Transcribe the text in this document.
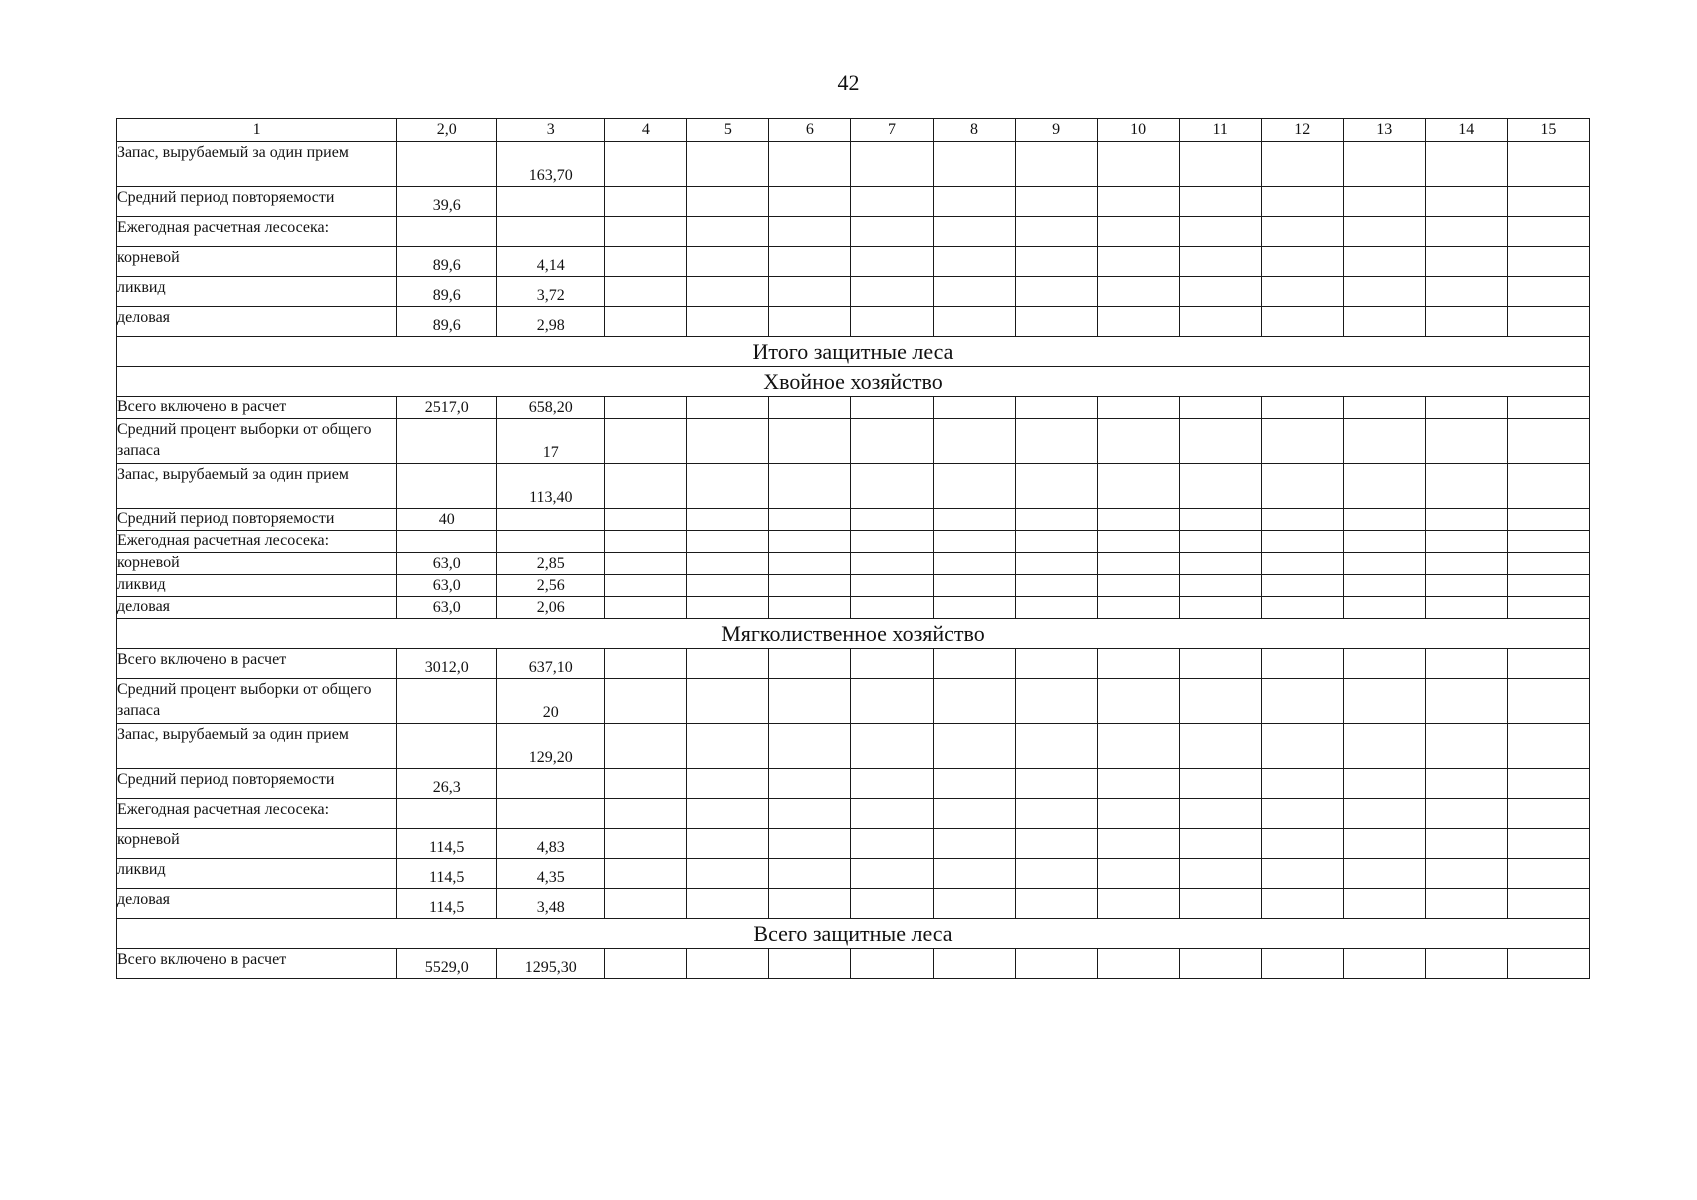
42
1	2,0	3	4	5	6	7	8	9	10	11	12	13	14	15
Запас, вырубаемый за один прием		163,70												
Средний период повторяемости	39,6													
Ежегодная расчетная лесосека:														
корневой	89,6	4,14												
ликвид	89,6	3,72												
деловая	89,6	2,98												
Итого защитные леса														
Хвойное хозяйство														
Всего включено в расчет	2517,0	658,20												
Средний процент выборки от общего запаса		17												
Запас, вырубаемый за один прием		113,40												
Средний период повторяемости	40													
Ежегодная расчетная лесосека:														
корневой	63,0	2,85												
ликвид	63,0	2,56												
деловая	63,0	2,06												
Мягколиственное хозяйство														
Всего включено в расчет	3012,0	637,10												
Средний процент выборки от общего запаса		20												
Запас, вырубаемый за один прием		129,20												
Средний период повторяемости	26,3													
Ежегодная расчетная лесосека:														
корневой	114,5	4,83												
ликвид	114,5	4,35												
деловая	114,5	3,48												
Всего защитные леса														
Всего включено в расчет	5529,0	1295,30												
